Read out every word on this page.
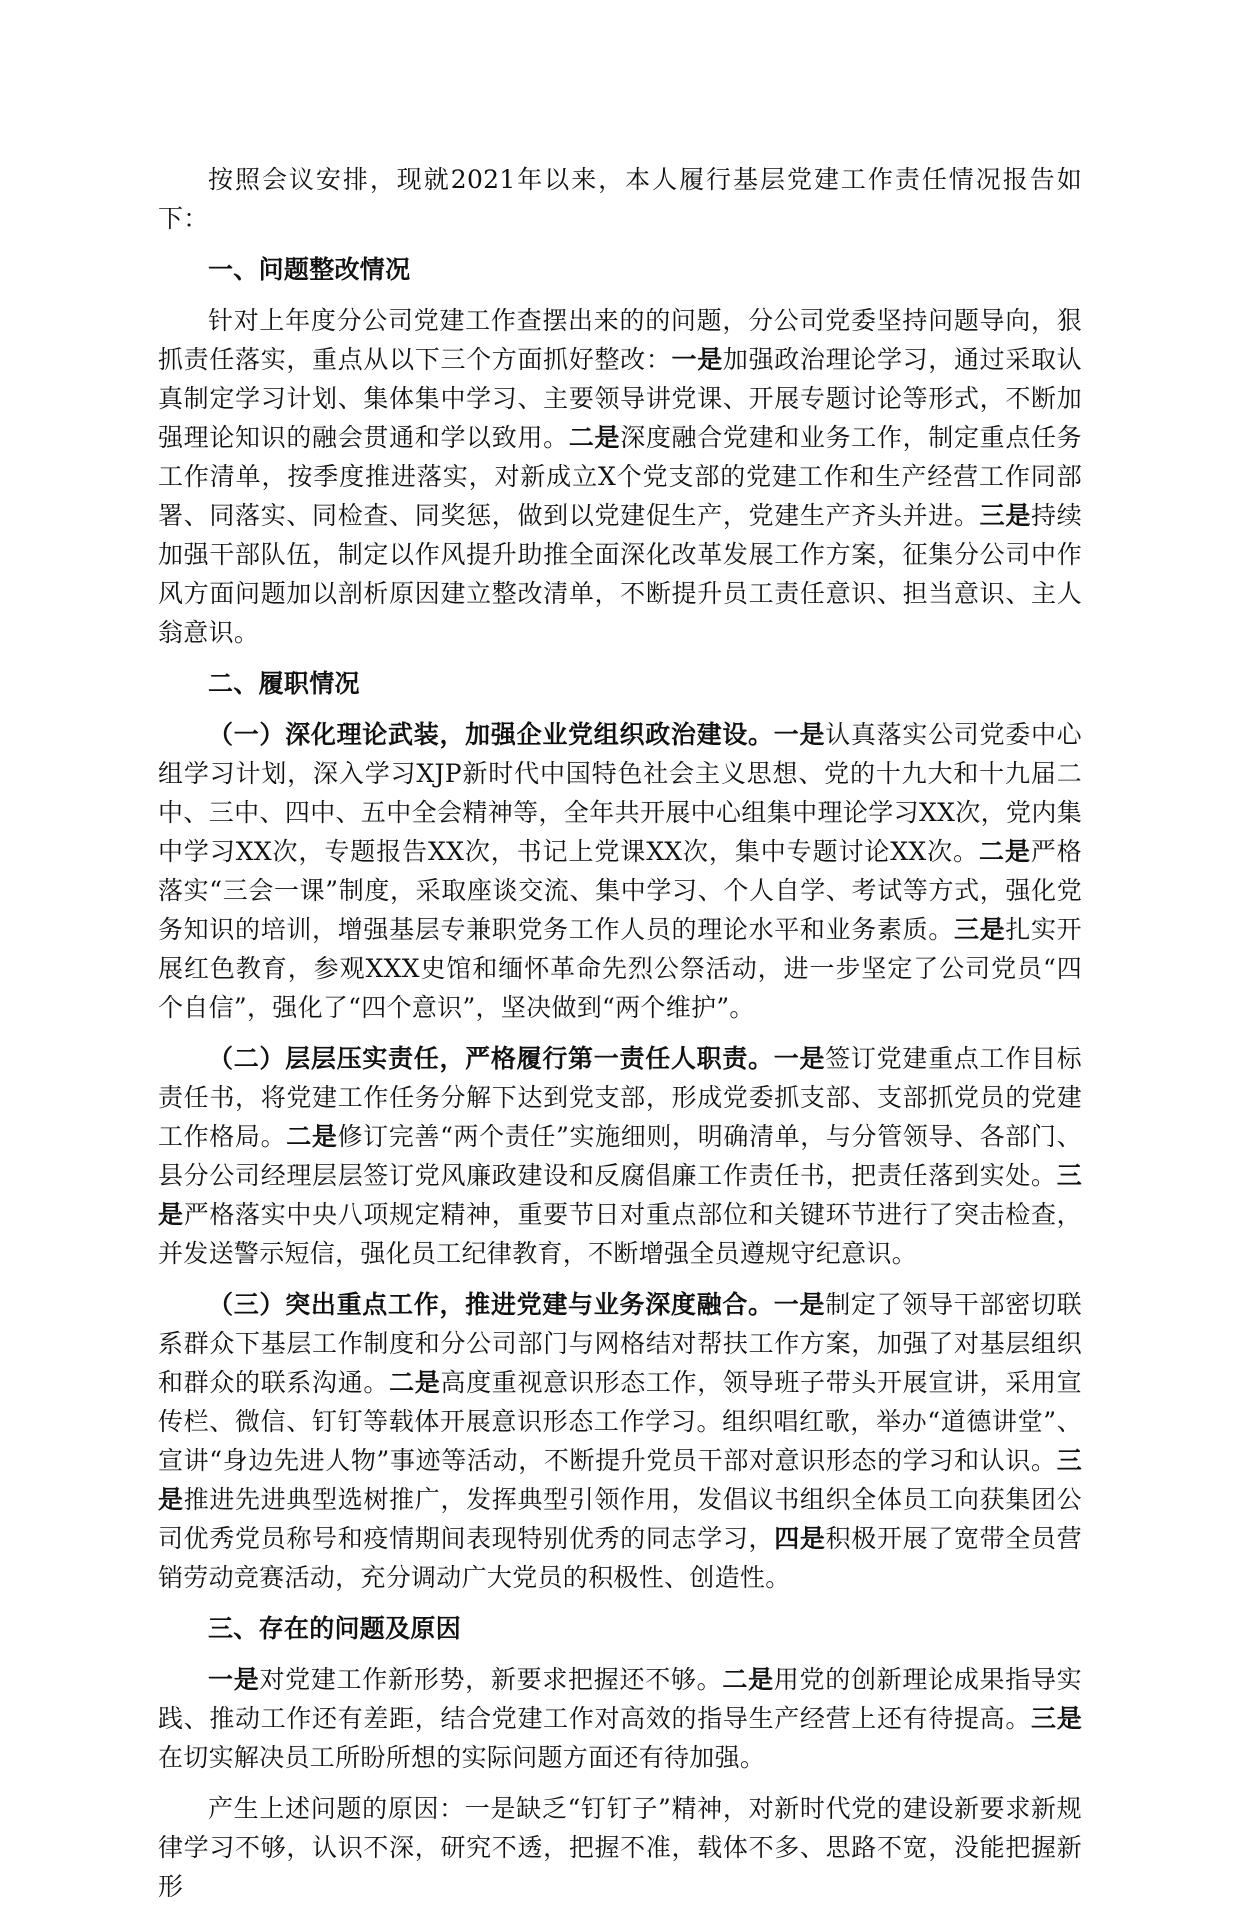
按照会议安排，现就2021年以来，本人履行基层党建工作责任情况报告如下：

一、问题整改情况

针对上年度分公司党建工作查摆出来的的问题，分公司党委坚持问题导向，狠抓责任落实，重点从以下三个方面抓好整改：一是加强政治理论学习，通过采取认真制定学习计划、集体集中学习、主要领导讲党课、开展专题讨论等形式，不断加强理论知识的融会贯通和学以致用。二是深度融合党建和业务工作，制定重点任务工作清单，按季度推进落实，对新成立X个党支部的党建工作和生产经营工作同部署、同落实、同检查、同奖惩，做到以党建促生产，党建生产齐头并进。三是持续加强干部队伍，制定以作风提升助推全面深化改革发展工作方案，征集分公司中作风方面问题加以剖析原因建立整改清单，不断提升员工责任意识、担当意识、主人翁意识。

二、履职情况

（一）深化理论武装，加强企业党组织政治建设。一是认真落实公司党委中心组学习计划，深入学习XJP新时代中国特色社会主义思想、党的十九大和十九届二中、三中、四中、五中全会精神等，全年共开展中心组集中理论学习XX次，党内集中学习XX次，专题报告XX次，书记上党课XX次，集中专题讨论XX次。二是严格落实“三会一课”制度，采取座谈交流、集中学习、个人自学、考试等方式，强化党务知识的培训，增强基层专兼职党务工作人员的理论水平和业务素质。三是扎实开展红色教育，参观XXX史馆和缅怀革命先烈公祭活动，进一步坚定了公司党员“四个自信”，强化了“四个意识”，坚决做到“两个维护”。

（二）层层压实责任，严格履行第一责任人职责。一是签订党建重点工作目标责任书，将党建工作任务分解下达到党支部，形成党委抓支部、支部抓党员的党建工作格局。二是修订完善“两个责任”实施细则，明确清单，与分管领导、各部门、县分公司经理层层签订党风廉政建设和反腐倡廉工作责任书，把责任落到实处。三是严格落实中央八项规定精神，重要节日对重点部位和关键环节进行了突击检查，并发送警示短信，强化员工纪律教育，不断增强全员遵规守纪意识。

（三）突出重点工作，推进党建与业务深度融合。一是制定了领导干部密切联系群众下基层工作制度和分公司部门与网格结对帮扶工作方案，加强了对基层组织和群众的联系沟通。二是高度重视意识形态工作，领导班子带头开展宣讲，采用宣传栏、微信、钉钉等载体开展意识形态工作学习。组织唱红歌，举办“道德讲堂”、宣讲“身边先进人物”事迹等活动，不断提升党员干部对意识形态的学习和认识。三是推进先进典型选树推广，发挥典型引领作用，发倡议书组织全体员工向获集团公司优秀党员称号和疫情期间表现特别优秀的同志学习，四是积极开展了宽带全员营销劳动竞赛活动，充分调动广大党员的积极性、创造性。

三、存在的问题及原因

一是对党建工作新形势，新要求把握还不够。二是用党的创新理论成果指导实践、推动工作还有差距，结合党建工作对高效的指导生产经营上还有待提高。三是在切实解决员工所盼所想的实际问题方面还有待加强。

产生上述问题的原因：一是缺乏“钉钉子”精神，对新时代党的建设新要求新规律学习不够，认识不深，研究不透，把握不准，载体不多、思路不宽，没能把握新形
